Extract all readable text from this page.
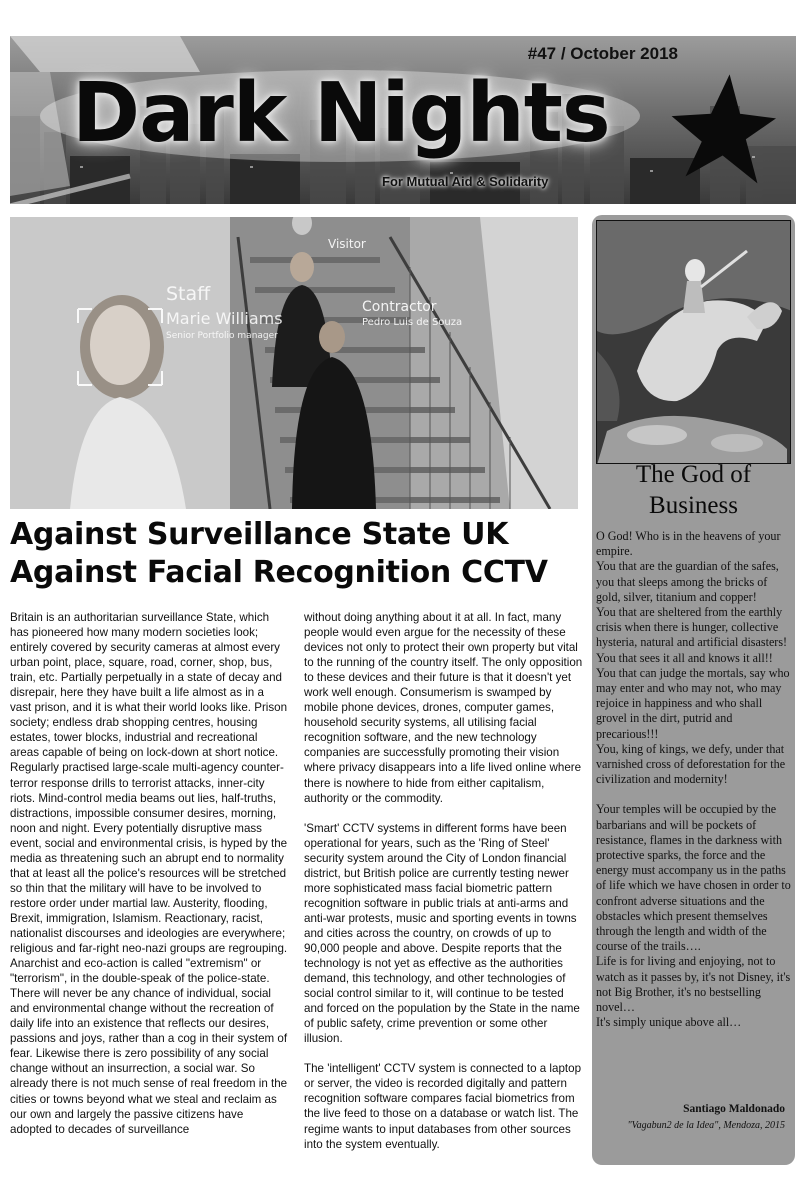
#47 / October 2018
Dark Nights
For Mutual Aid & Solidarity
Visitor
Staff
Marie Williams
Senior Portfolio manager
Contractor
Pedro Luis de Souza
Against Surveillance State UK
Against Facial Recognition CCTV

Britain is an authoritarian surveillance State, which has pioneered how many modern societies look; entirely covered by security cameras at almost every urban point, place, square, road, corner, shop, bus, train, etc. Partially perpetually in a state of decay and disrepair, here they have built a life almost as in a vast prison, and it is what their world looks like. Prison society; endless drab shopping centres, housing estates, tower blocks, industrial and recreational areas capable of being on lock-down at short notice. Regularly practised large-scale multi-agency counter-terror response drills to terrorist attacks, inner-city riots. Mind-control media beams out lies, half-truths, distractions, impossible consumer desires, morning, noon and night. Every potentially disruptive mass event, social and environmental crisis, is hyped by the media as threatening such an abrupt end to normality that at least all the police's resources will be stretched so thin that the military will have to be involved to restore order under martial law. Austerity, flooding, Brexit, immigration, Islamism. Reactionary, racist, nationalist discourses and ideologies are everywhere; religious and far-right neo-nazi groups are regrouping. Anarchist and eco-action is called "extremism" or "terrorism", in the double-speak of the police-state. There will never be any chance of individual, social and environmental change without the recreation of daily life into an existence that reflects our desires, passions and joys, rather than a cog in their system of fear. Likewise there is zero possibility of any social change without an insurrection, a social war. So already there is not much sense of real freedom in the cities or towns beyond what we steal and reclaim as our own and largely the passive citizens have adopted to decades of surveillance

without doing anything about it at all. In fact, many people would even argue for the necessity of these devices not only to protect their own property but vital to the running of the country itself. The only opposition to these devices and their future is that it doesn't yet work well enough. Consumerism is swamped by mobile phone devices, drones, computer games, household security systems, all utilising facial recognition software, and the new technology companies are successfully promoting their vision where privacy disappears into a life lived online where there is nowhere to hide from either capitalism, authority or the commodity.

'Smart' CCTV systems in different forms have been operational for years, such as the 'Ring of Steel' security system around the City of London financial district, but British police are currently testing newer more sophisticated mass facial biometric pattern recognition software in public trials at anti-arms and anti-war protests, music and sporting events in towns and cities across the country, on crowds of up to 90,000 people and above. Despite reports that the technology is not yet as effective as the authorities demand, this technology, and other technologies of social control similar to it, will continue to be tested and forced on the population by the State in the name of public safety, crime prevention or some other illusion.

The 'intelligent' CCTV system is connected to a laptop or server, the video is recorded digitally and pattern recognition software compares facial biometrics from the live feed to those on a database or watch list. The regime wants to input databases from other sources into the system eventually.

The God of Business

O God! Who is in the heavens of your empire.

You that are the guardian of the safes, you that sleeps among the bricks of gold, silver, titanium and copper!

You that are sheltered from the earthly crisis when there is hunger, collective hysteria, natural and artificial disasters!

You that sees it all and knows it all!! You that can judge the mortals, say who may enter and who may not, who may rejoice in happiness and who shall grovel in the dirt, putrid and precarious!!!

You, king of kings, we defy, under that varnished cross of deforestation for the civilization and modernity!

Your temples will be occupied by the barbarians and will be pockets of resistance, flames in the darkness with protective sparks, the force and the energy must accompany us in the paths of life which we have chosen in order to confront adverse situations and the obstacles which present themselves through the length and width of the course of the trails….

Life is for living and enjoying, not to watch as it passes by, it's not Disney, it's not Big Brother, it's no bestselling novel…

It's simply unique above all…

Santiago Maldonado
"Vagabun2 de la Idea", Mendoza, 2015
